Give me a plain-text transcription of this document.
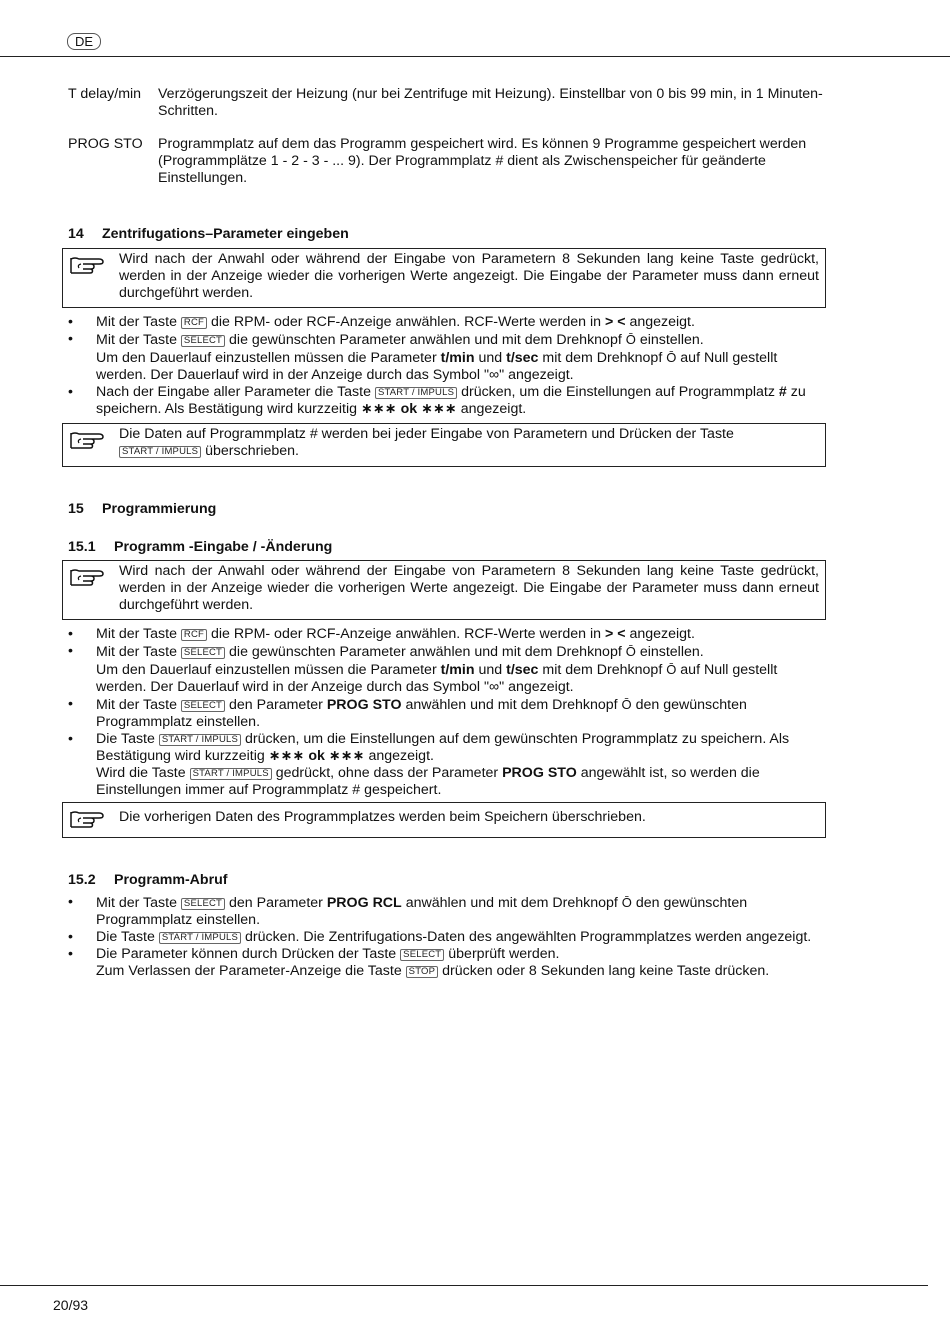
DE
T delay/min	Verzögerungszeit der Heizung (nur bei Zentrifuge mit Heizung). Einstellbar von 0 bis 99 min, in 1 Minuten-Schritten.
PROG STO	Programmplatz auf dem das Programm gespeichert wird. Es können 9 Programme gespeichert werden (Programmplätze 1 - 2 - 3 - ... 9). Der Programmplatz # dient als Zwischenspeicher für geänderte Einstellungen.
14 Zentrifugations–Parameter eingeben
Wird nach der Anwahl oder während der Eingabe von Parametern 8 Sekunden lang keine Taste gedrückt, werden in der Anzeige wieder die vorherigen Werte angezeigt. Die Eingabe der Parameter muss dann erneut durchgeführt werden.
• Mit der Taste RCF die RPM- oder RCF-Anzeige anwählen. RCF-Werte werden in > < angezeigt.
• Mit der Taste SELECT die gewünschten Parameter anwählen und mit dem Drehknopf Ō einstellen.
Um den Dauerlauf einzustellen müssen die Parameter t/min und t/sec mit dem Drehknopf Ō auf Null gestellt werden. Der Dauerlauf wird in der Anzeige durch das Symbol "∞" angezeigt.
• Nach der Eingabe aller Parameter die Taste START / IMPULS drücken, um die Einstellungen auf Programmplatz # zu speichern. Als Bestätigung wird kurzzeitig ∗∗∗ ok ∗∗∗ angezeigt.
Die Daten auf Programmplatz # werden bei jeder Eingabe von Parametern und Drücken der Taste
START / IMPULS überschrieben.
15 Programmierung
15.1 Programm -Eingabe / -Änderung
Wird nach der Anwahl oder während der Eingabe von Parametern 8 Sekunden lang keine Taste gedrückt, werden in der Anzeige wieder die vorherigen Werte angezeigt. Die Eingabe der Parameter muss dann erneut durchgeführt werden.
• Mit der Taste RCF die RPM- oder RCF-Anzeige anwählen. RCF-Werte werden in > < angezeigt.
• Mit der Taste SELECT die gewünschten Parameter anwählen und mit dem Drehknopf Ō einstellen.
Um den Dauerlauf einzustellen müssen die Parameter t/min und t/sec mit dem Drehknopf Ō auf Null gestellt werden. Der Dauerlauf wird in der Anzeige durch das Symbol "∞" angezeigt.
• Mit der Taste SELECT den Parameter PROG STO anwählen und mit dem Drehknopf Ō den gewünschten Programmplatz einstellen.
• Die Taste START / IMPULS drücken, um die Einstellungen auf dem gewünschten Programmplatz zu speichern. Als Bestätigung wird kurzzeitig ∗∗∗ ok ∗∗∗ angezeigt.
Wird die Taste START / IMPULS gedrückt, ohne dass der Parameter PROG STO angewählt ist, so werden die Einstellungen immer auf Programmplatz # gespeichert.
Die vorherigen Daten des Programmplatzes werden beim Speichern überschrieben.
15.2 Programm-Abruf
• Mit der Taste SELECT den Parameter PROG RCL anwählen und mit dem Drehknopf Ō den gewünschten Programmplatz einstellen.
• Die Taste START / IMPULS drücken. Die Zentrifugations-Daten des angewählten Programmplatzes werden angezeigt.
• Die Parameter können durch Drücken der Taste SELECT überprüft werden.
Zum Verlassen der Parameter-Anzeige die Taste STOP drücken oder 8 Sekunden lang keine Taste drücken.
20/93
